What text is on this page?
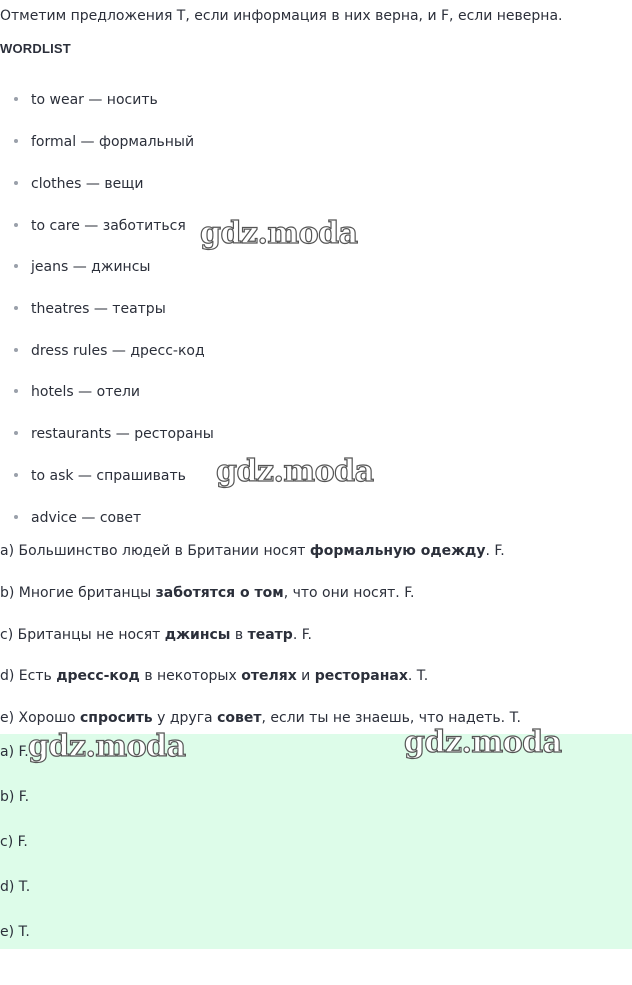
Отметим предложения T, если информация в них верна, и F, если неверна.
WORDLIST
to wear — носить
formal — формальный
clothes — вещи
to care — заботиться
jeans — джинсы
theatres — театры
dress rules — дресс-код
hotels — отели
restaurants — рестораны
to ask — спрашивать
advice — совет
a) Большинство людей в Британии носят формальную одежду. F.
b) Многие британцы заботятся о том, что они носят. F.
c) Британцы не носят джинсы в театр. F.
d) Есть дресс-код в некоторых отелях и ресторанах. T.
e) Хорошо спросить у друга совет, если ты не знаешь, что надеть. T.
a) F.
b) F.
c) F.
d) T.
e) T.
gdz.moda
gdz.moda
gdz.moda	gdz.moda
